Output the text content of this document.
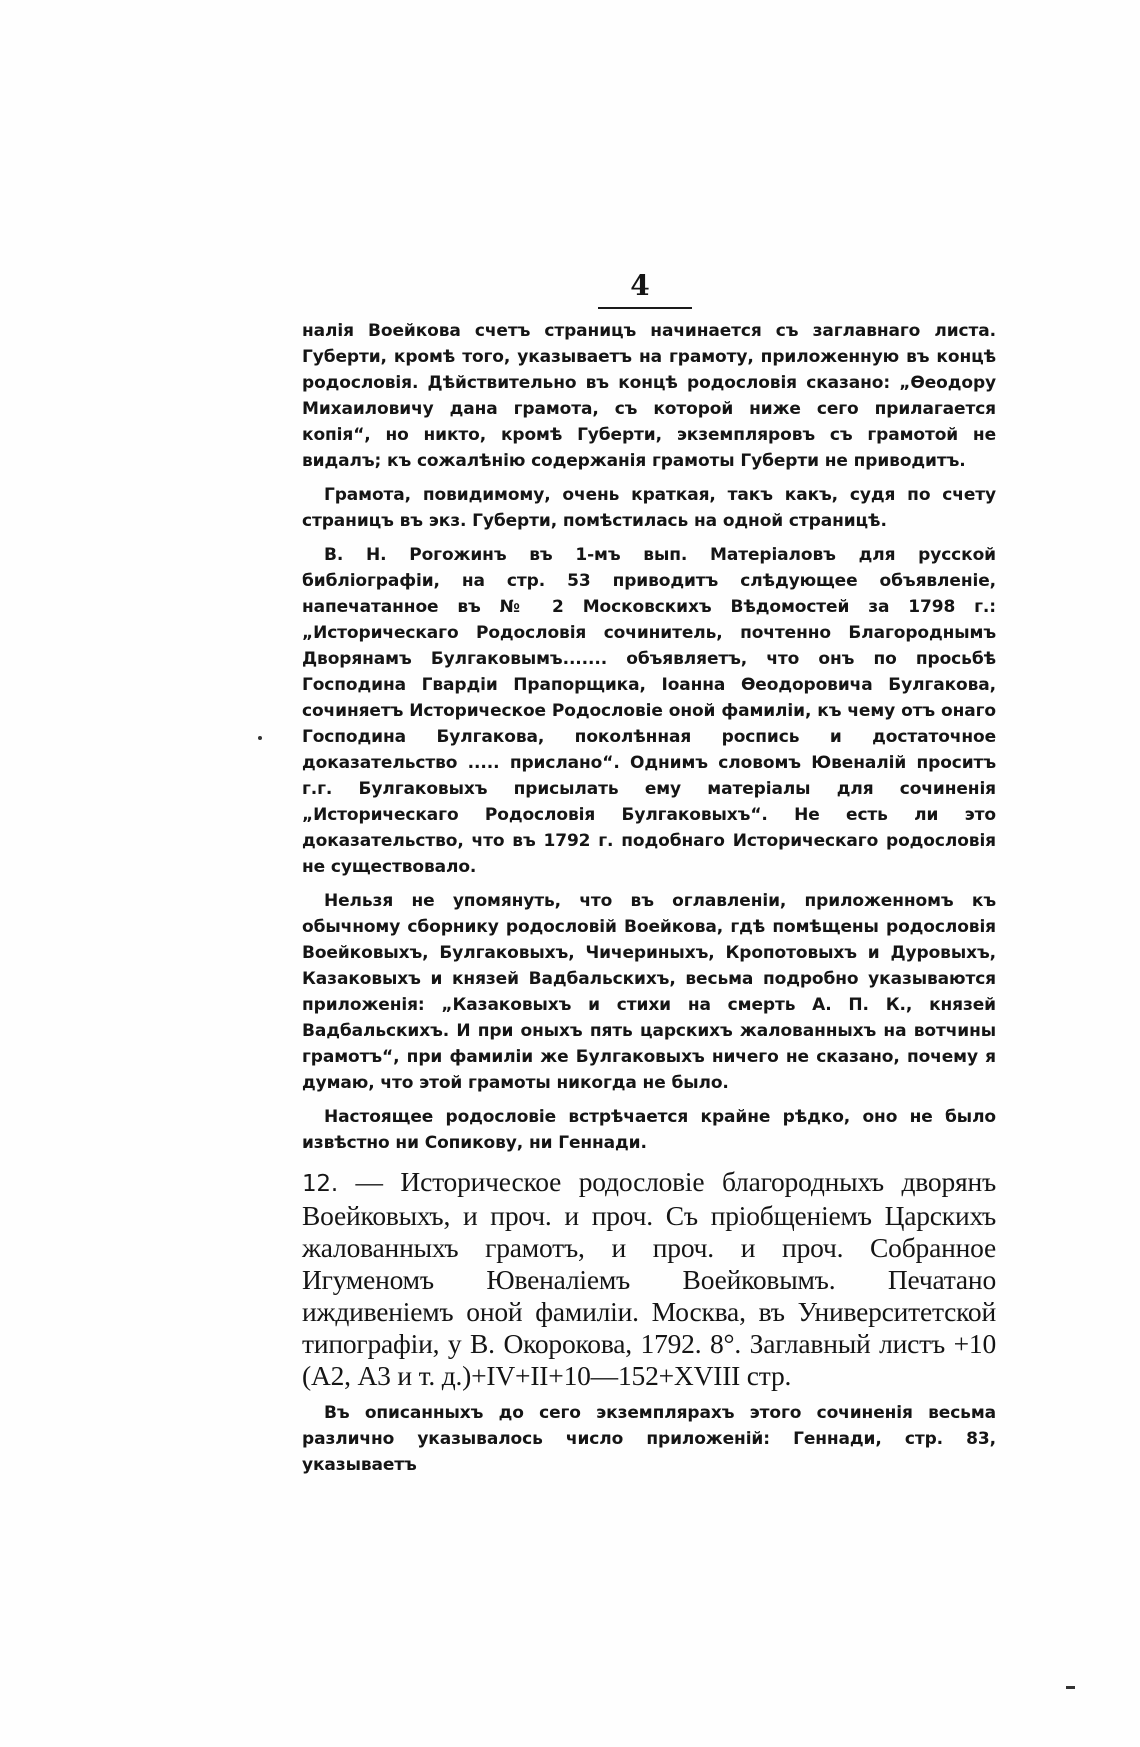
4

налія Воейкова счетъ страницъ начинается съ заглавнаго листа. Губерти, кромѣ того, указываетъ на грамоту, приложенную въ концѣ родословія. Дѣйствительно въ концѣ родословія сказано: „Ѳеодору Михаиловичу дана грамота, съ которой ниже сего прилагается копія“, но никто, кромѣ Губерти, экземпляровъ съ грамотой не видалъ; къ сожалѣнію содержанія грамоты Губерти не приводитъ.

Грамота, повидимому, очень краткая, такъ какъ, судя по счету страницъ въ экз. Губерти, помѣстилась на одной страницѣ.

В. Н. Рогожинъ въ 1-мъ вып. Матеріаловъ для русской библіографіи, на стр. 53 приводитъ слѣдующее объявленіе, напечатанное въ № 2 Московскихъ Вѣдомостей за 1798 г.: „Историческаго Родословія сочинитель, почтенно Благороднымъ Дворянамъ Булгаковымъ....... объявляетъ, что онъ по просьбѣ Господина Гвардіи Прапорщика, Іоанна Ѳеодоровича Булгакова, сочиняетъ Историческое Родословіе оной фамиліи, къ чему отъ онаго Господина Булгакова, поколѣнная роспись и достаточное доказательство ..... прислано“. Однимъ словомъ Ювеналій проситъ г.г. Булгаковыхъ присылать ему матеріалы для сочиненія „Историческаго Родословія Булгаковыхъ“. Не есть ли это доказательство, что въ 1792 г. подобнаго Историческаго родословія не существовало.

Нельзя не упомянуть, что въ оглавленіи, приложенномъ къ обычному сборнику родословій Воейкова, гдѣ помѣщены родословія Воейковыхъ, Булгаковыхъ, Чичериныхъ, Кропотовыхъ и Дуровыхъ, Казаковыхъ и князей Вадбальскихъ, весьма подробно указываются приложенія: „Казаковыхъ и стихи на смерть А. П. К., князей Вадбальскихъ. И при оныхъ пять царскихъ жалованныхъ на вотчины грамотъ“, при фамиліи же Булгаковыхъ ничего не сказано, почему я думаю, что этой грамоты никогда не было.

Настоящее родословіе встрѣчается крайне рѣдко, оно не было извѣстно ни Сопикову, ни Геннади.

12. — Историческое родословіе благородныхъ дворянъ Воейковыхъ, и проч. и проч. Съ пріобщеніемъ Царскихъ жалованныхъ грамотъ, и проч. и проч. Собранное Игуменомъ Ювеналіемъ Воейковымъ. Печатано иждивеніемъ оной фамиліи. Москва, въ Университетской типографіи, у В. Окорокова, 1792. 8°. Заглавный листъ +10 (А2, А3 и т. д.)+IV+II+10—152+XVIII стр.

Въ описанныхъ до сего экземплярахъ этого сочиненія весьма различно указывалось число приложеній: Геннади, стр. 83, указываетъ
